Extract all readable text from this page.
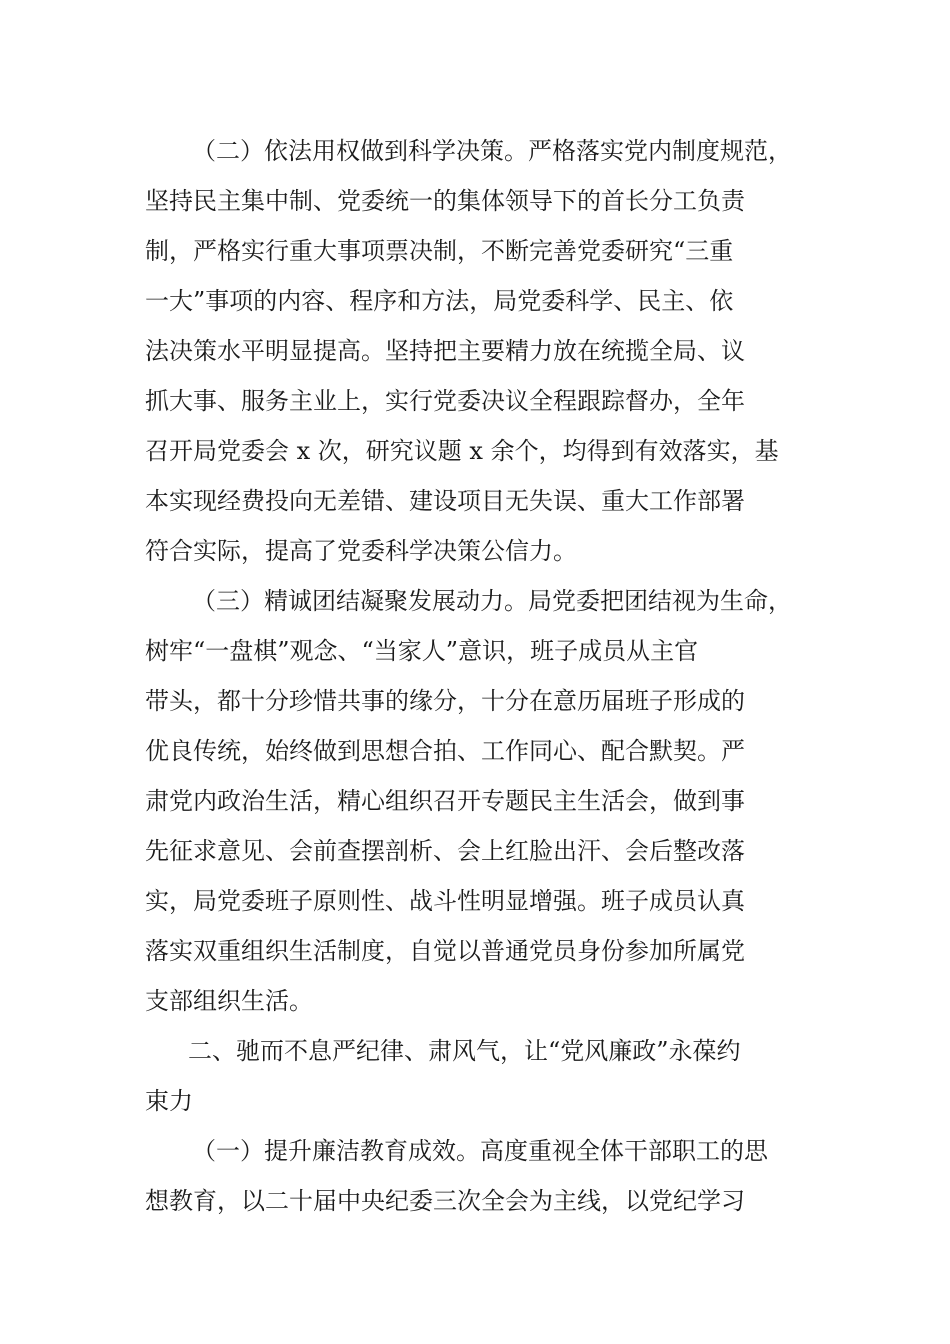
（二）依法用权做到科学决策。严格落实党内制度规范，
坚持民主集中制、党委统一的集体领导下的首长分工负责
制，严格实行重大事项票决制，不断完善党委研究“三重
一大”事项的内容、程序和方法，局党委科学、民主、依
法决策水平明显提高。坚持把主要精力放在统揽全局、议
抓大事、服务主业上，实行党委决议全程跟踪督办，全年
召开局党委会 x 次，研究议题 x 余个，均得到有效落实，基
本实现经费投向无差错、建设项目无失误、重大工作部署
符合实际，提高了党委科学决策公信力。
（三）精诚团结凝聚发展动力。局党委把团结视为生命，
树牢“一盘棋”观念、“当家人”意识，班子成员从主官
带头，都十分珍惜共事的缘分，十分在意历届班子形成的
优良传统，始终做到思想合拍、工作同心、配合默契。严
肃党内政治生活，精心组织召开专题民主生活会，做到事
先征求意见、会前查摆剖析、会上红脸出汗、会后整改落
实，局党委班子原则性、战斗性明显增强。班子成员认真
落实双重组织生活制度，自觉以普通党员身份参加所属党
支部组织生活。
二、驰而不息严纪律、肃风气，让“党风廉政”永葆约
束力
（一）提升廉洁教育成效。高度重视全体干部职工的思
想教育，以二十届中央纪委三次全会为主线，以党纪学习
